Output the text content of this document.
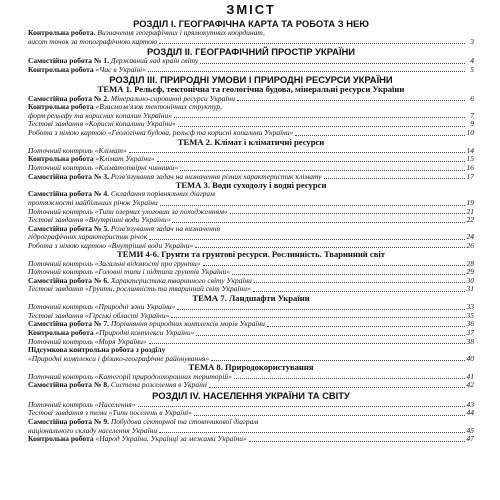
ЗМІСТ
РОЗДІЛ І. ГЕОГРАФІЧНА КАРТА ТА РОБОТА З НЕЮ
Контрольна робота. Визначення географічних і прямокутних координат,
висот точок за топографічною картою	3
РОЗДІЛ ІІ. ГЕОГРАФІЧНИЙ ПРОСТІР УКРАЇНИ
Самостійна робота № 1. Державний лад країн світу	4
Контрольна робота «Час в Україні»	5
РОЗДІЛ ІІІ. ПРИРОДНІ УМОВИ І ПРИРОДНІ РЕСУРСИ УКРАЇНИ
ТЕМА 1. Рельєф, тектонічна та геологічна будова, мінеральні ресурси України
Самостійна робота № 2. Мінерально-сировинні ресурси України	6
Контрольна робота «Взаємозв'язок тектонічних структур,
форм рельєфу та корисних копалин України»	7
Тестові завдання «Корисні копалини України»	9
Робота з німою картою «Геологічна будова, рельєф та корисні копалини України»	10
ТЕМА 2. Клімат і кліматичні ресурси
Поточний контроль «Клімат»	14
Контрольна робота «Клімат України»	15
Поточний контроль «Кліматотвірні чинники»	16
Самостійна робота № 3. Розв'язування задач на визначення різних характеристик клімату	17
ТЕМА 3. Води суходолу і водні ресурси
Самостійна робота № 4. Складання порівняльних діаграм
протяжності найбільших річок України	19
Поточний контроль «Типи озерних улоговин за походженням»	21
Тестові завдання «Внутрішні води України»	22
Самостійна робота № 5. Розв'язування задач на визначення
гідрографічних характеристик річок	24
Робота з німою картою «Внутрішні води України»	26
ТЕМИ 4-6. Грунти та грунтові ресурси. Рослинність. Тваринний світ
Поточний контроль «Загальні відомості про грунти»	28
Поточний контроль «Головні типи і підтипи грунтів України»	29
Самостійна робота № 6. Характеристика тваринного світу України	30
Тестові завдання «Грунти, рослинність та тваринний світ України»	31
ТЕМА 7. Ландшафти України
Поточний контроль «Природні зони України»	33
Тестові завдання «Гірські області України»	35
Самостійна робота № 7. Порівняння природних комплексів морів України	36
Контрольна робота «Природні комплекси України»	37
Поточний контроль «Моря України»	38
Підсумкова контрольна робота з розділу
«Природні комплекси і фізико-географічне районування»	40
ТЕМА 8. Природокористування
Поточний контроль «Категорії природоохоронних територій»	41
Самостійна робота № 8. Система розселення в Україні	42
РОЗДІЛ IV. НАСЕЛЕННЯ УКРАЇНИ ТА СВІТУ
Поточний контроль «Населення»	43
Тестові завдання з теми «Типи поселень в Україні»	44
Самостійна робота № 9. Побудова секторної та стовпчикової діаграм
національного складу населення України	45
Контрольна робота «Народ України. Українці за межами України»	47
